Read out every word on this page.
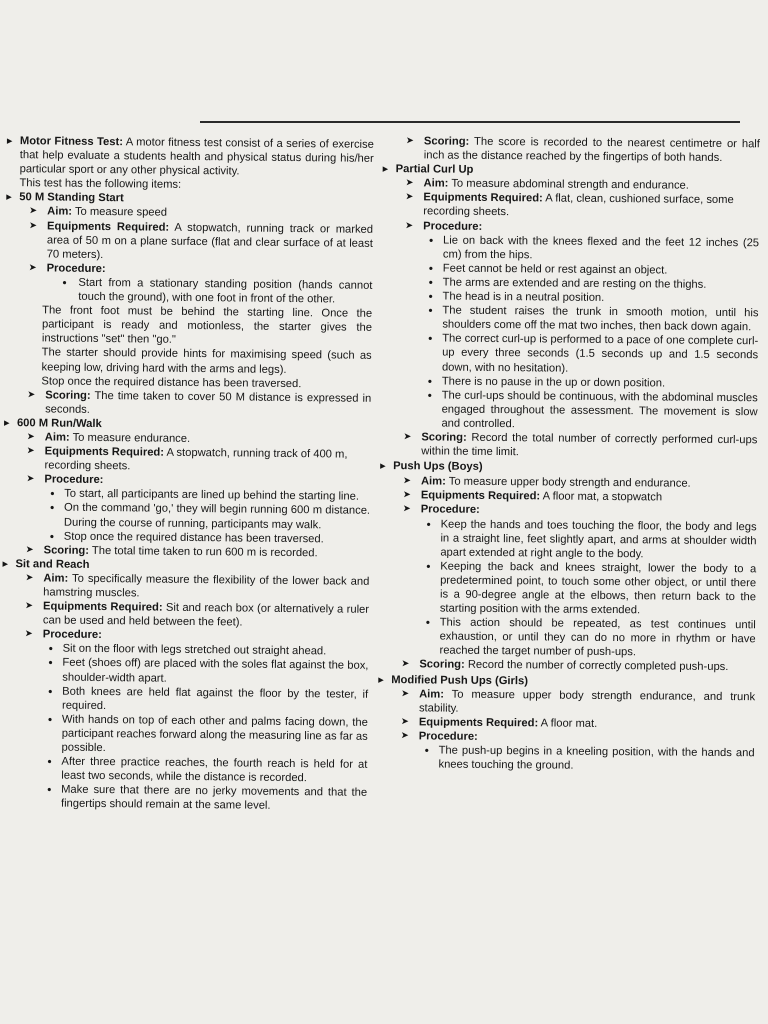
▸ Motor Fitness Test: A motor fitness test consist of a series of exercise that help evaluate a students health and physical status during his/her particular sport or any other physical activity.

This test has the following items:

▸ 50 M Standing Start

➤ Aim: To measure speed

➤ Equipments Required: A stopwatch, running track or marked area of 50 m on a plane surface (flat and clear surface of at least 70 meters).

➤ Procedure:

• Start from a stationary standing position (hands cannot touch the ground), with one foot in front of the other.

The front foot must be behind the starting line. Once the participant is ready and motionless, the starter gives the instructions "set" then "go."

The starter should provide hints for maximising speed (such as keeping low, driving hard with the arms and legs).

Stop once the required distance has been traversed.

➤ Scoring: The time taken to cover 50 M distance is expressed in seconds.

▸ 600 M Run/Walk

➤ Aim: To measure endurance.

➤ Equipments Required: A stopwatch, running track of 400 m, recording sheets.

➤ Procedure:

• To start, all participants are lined up behind the starting line.

• On the command 'go,' they will begin running 600 m distance. During the course of running, participants may walk.

• Stop once the required distance has been traversed.

➤ Scoring: The total time taken to run 600 m is recorded.

▸ Sit and Reach

➤ Aim: To specifically measure the flexibility of the lower back and hamstring muscles.

➤ Equipments Required: Sit and reach box (or alternatively a ruler can be used and held between the feet).

➤ Procedure:

• Sit on the floor with legs stretched out straight ahead.

• Feet (shoes off) are placed with the soles flat against the box, shoulder-width apart.

• Both knees are held flat against the floor by the tester, if required.

• With hands on top of each other and palms facing down, the participant reaches forward along the measuring line as far as possible.

• After three practice reaches, the fourth reach is held for at least two seconds, while the distance is recorded.

• Make sure that there are no jerky movements and that the fingertips should remain at the same level.

➤ Scoring: The score is recorded to the nearest centimetre or half inch as the distance reached by the fingertips of both hands.

▸ Partial Curl Up

➤ Aim: To measure abdominal strength and endurance.

➤ Equipments Required: A flat, clean, cushioned surface, some recording sheets.

➤ Procedure:

• Lie on back with the knees flexed and the feet 12 inches (25 cm) from the hips.

• Feet cannot be held or rest against an object.

• The arms are extended and are resting on the thighs.

• The head is in a neutral position.

• The student raises the trunk in smooth motion, until his shoulders come off the mat two inches, then back down again.

• The correct curl-up is performed to a pace of one complete curl-up every three seconds (1.5 seconds up and 1.5 seconds down, with no hesitation).

• There is no pause in the up or down position.

• The curl-ups should be continuous, with the abdominal muscles engaged throughout the assessment. The movement is slow and controlled.

➤ Scoring: Record the total number of correctly performed curl-ups within the time limit.

▸ Push Ups (Boys)

➤ Aim: To measure upper body strength and endurance.

➤ Equipments Required: A floor mat, a stopwatch

➤ Procedure:

• Keep the hands and toes touching the floor, the body and legs in a straight line, feet slightly apart, and arms at shoulder width apart extended at right angle to the body.

• Keeping the back and knees straight, lower the body to a predetermined point, to touch some other object, or until there is a 90-degree angle at the elbows, then return back to the starting position with the arms extended.

• This action should be repeated, as test continues until exhaustion, or until they can do no more in rhythm or have reached the target number of push-ups.

➤ Scoring: Record the number of correctly completed push-ups.

▸ Modified Push Ups (Girls)

➤ Aim: To measure upper body strength endurance, and trunk stability.

➤ Equipments Required: A floor mat.

➤ Procedure:

• The push-up begins in a kneeling position, with the hands and knees touching the ground.
